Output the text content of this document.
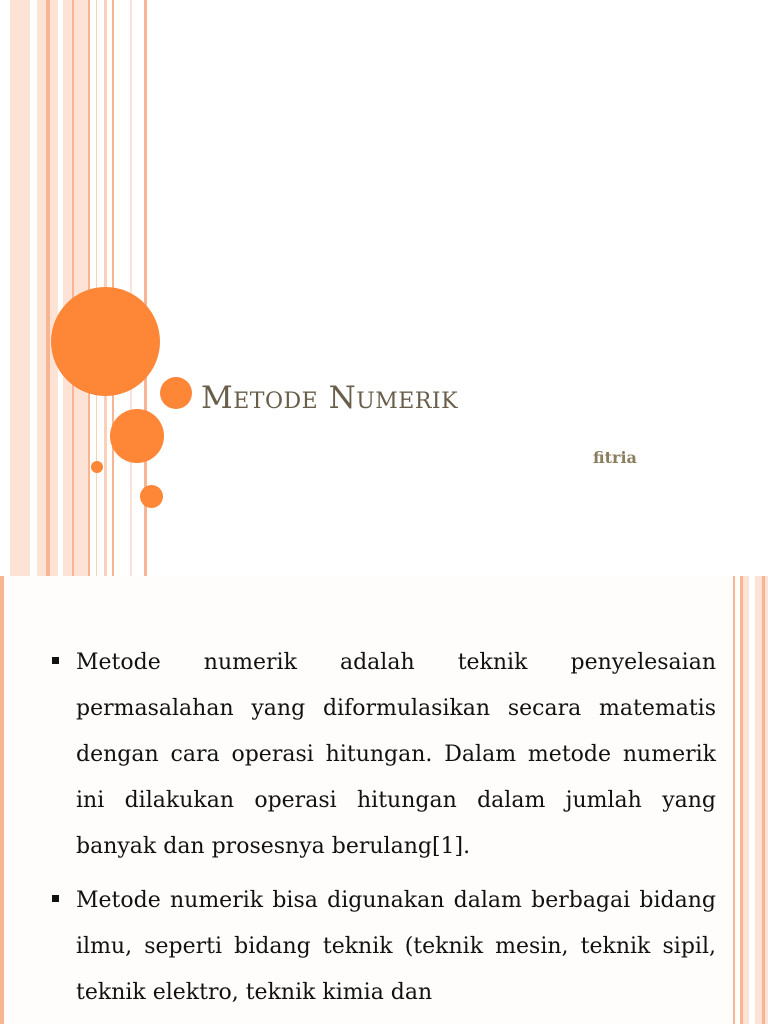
Metode Numerik

fitria

Metode numerik adalah teknik penyelesaian permasalahan yang diformulasikan secara matematis dengan cara operasi hitungan. Dalam metode numerik ini dilakukan operasi hitungan dalam jumlah yang banyak dan prosesnya berulang[1].
Metode numerik bisa digunakan dalam berbagai bidang ilmu, seperti bidang teknik (teknik mesin, teknik sipil, teknik elektro, teknik kimia dan
